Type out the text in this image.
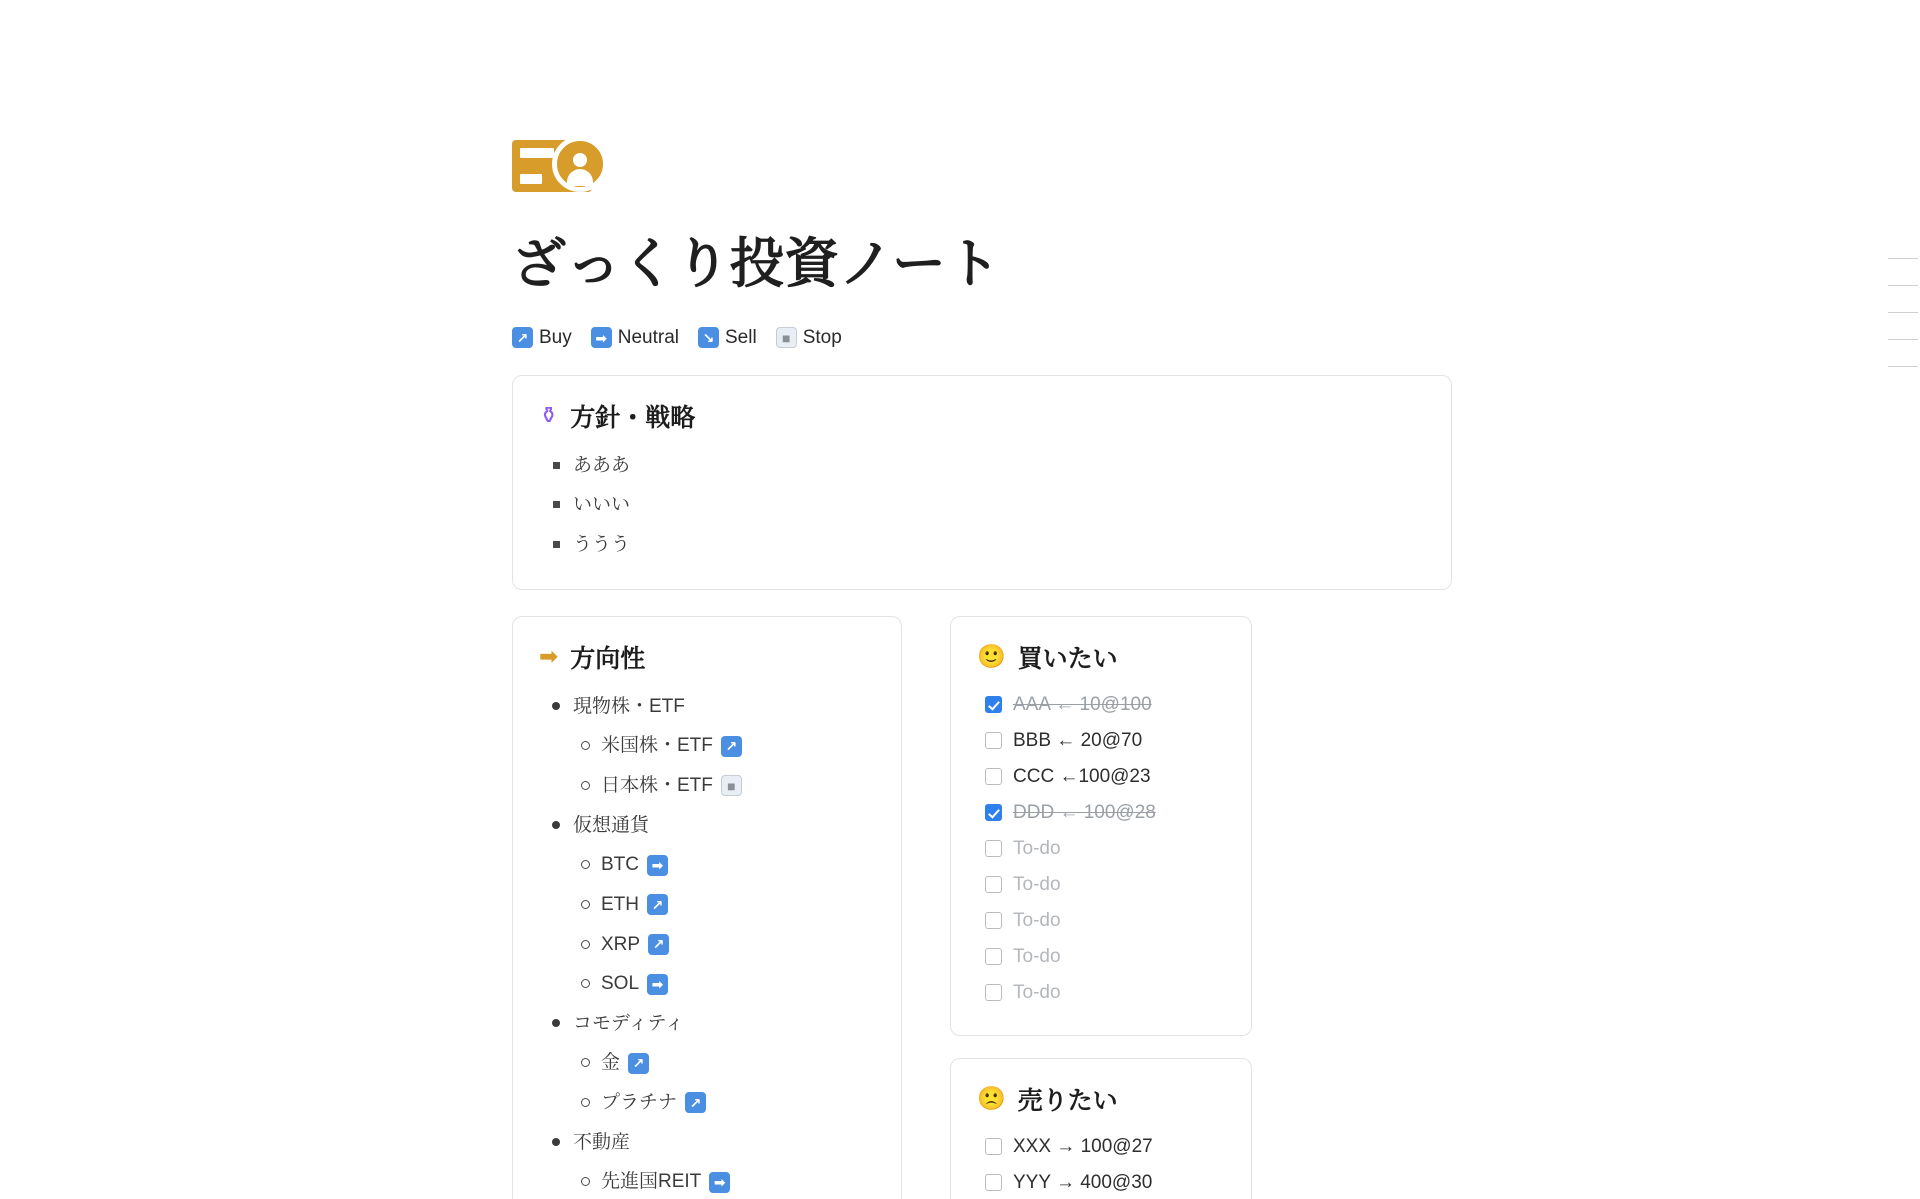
ざっくり投資ノート
↗ Buy	➡ Neutral	↘ Sell	■ Stop
⚱ 方針・戦略
あああ
いいい
ううう
➡ 方向性
現物株・ETF
米国株・ETF ↗
日本株・ETF	■
仮想通貨
BTC ➡
ETH ↗
XRP ↗
SOL ➡
コモディティ
金 ↗
プラチナ ↗
不動産
先進国REIT ➡
🙂 買いたい
AAA ← 10@100
BBB ← 20@70
CCC ←100@23
DDD ← 100@28
To-do
To-do
To-do
To-do
To-do
🙁 売りたい
XXX → 100@27
YYY → 400@30
